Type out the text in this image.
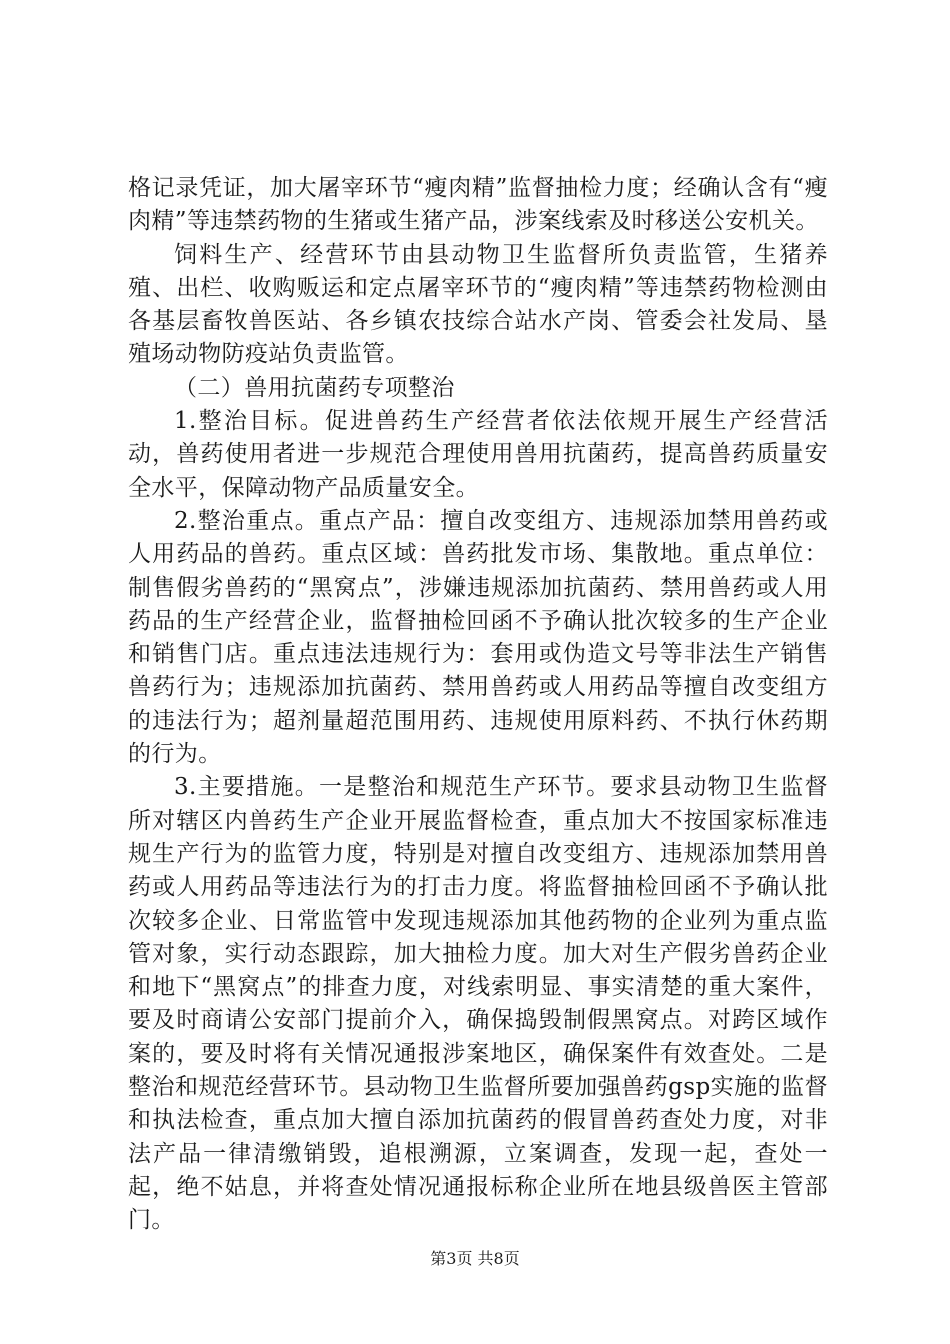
格记录凭证，加大屠宰环节“瘦肉精”监督抽检力度；经确认含有“瘦肉精”等违禁药物的生猪或生猪产品，涉案线索及时移送公安机关。

饲料生产、经营环节由县动物卫生监督所负责监管，生猪养殖、出栏、收购贩运和定点屠宰环节的“瘦肉精”等违禁药物检测由各基层畜牧兽医站、各乡镇农技综合站水产岗、管委会社发局、垦殖场动物防疫站负责监管。

（二）兽用抗菌药专项整治

1.整治目标。促进兽药生产经营者依法依规开展生产经营活动，兽药使用者进一步规范合理使用兽用抗菌药，提高兽药质量安全水平，保障动物产品质量安全。

2.整治重点。重点产品：擅自改变组方、违规添加禁用兽药或人用药品的兽药。重点区域：兽药批发市场、集散地。重点单位：制售假劣兽药的“黑窝点”，涉嫌违规添加抗菌药、禁用兽药或人用药品的生产经营企业，监督抽检回函不予确认批次较多的生产企业和销售门店。重点违法违规行为：套用或伪造文号等非法生产销售兽药行为；违规添加抗菌药、禁用兽药或人用药品等擅自改变组方的违法行为；超剂量超范围用药、违规使用原料药、不执行休药期的行为。

3.主要措施。一是整治和规范生产环节。要求县动物卫生监督所对辖区内兽药生产企业开展监督检查，重点加大不按国家标准违规生产行为的监管力度，特别是对擅自改变组方、违规添加禁用兽药或人用药品等违法行为的打击力度。将监督抽检回函不予确认批次较多企业、日常监管中发现违规添加其他药物的企业列为重点监管对象，实行动态跟踪，加大抽检力度。加大对生产假劣兽药企业和地下“黑窝点”的排查力度，对线索明显、事实清楚的重大案件，要及时商请公安部门提前介入，确保捣毁制假黑窝点。对跨区域作案的，要及时将有关情况通报涉案地区，确保案件有效查处。二是整治和规范经营环节。县动物卫生监督所要加强兽药gsp实施的监督和执法检查，重点加大擅自添加抗菌药的假冒兽药查处力度，对非法产品一律清缴销毁，追根溯源，立案调查，发现一起，查处一起，绝不姑息，并将查处情况通报标称企业所在地县级兽医主管部门。

第3页 共8页
